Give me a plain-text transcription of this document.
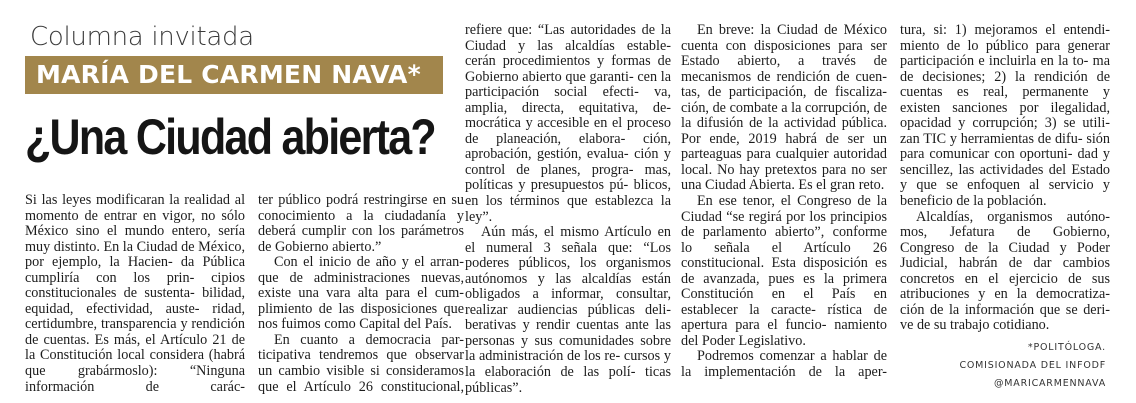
Columna invitada
MARÍA DEL CARMEN NAVA*
¿Una Ciudad abierta?

Si las leyes modificaran la realidad al momento de entrar en vigor, no sólo México sino el mundo entero, sería muy distinto. En la Ciudad de México, por ejemplo, la Hacien- da Pública cumpliría con los prin- cipios constitucionales de sustenta- bilidad, equidad, efectividad, auste- ridad, certidumbre, transparencia y rendición de cuentas. Es más, el Artículo 21 de la Constitución local considera (habrá que grabármoslo): “Ninguna información de carác-

ter público podrá restringirse en su conocimiento a la ciudadanía y deberá cumplir con los parámetros de Gobierno abierto.”

Con el inicio de año y el arran- que de administraciones nuevas, existe una vara alta para el cum- plimiento de las disposiciones que nos fuimos como Capital del País.

En cuanto a democracia par- ticipativa tendremos que observar un cambio visible si consideramos que el Artículo 26 constitucional,

refiere que: “Las autoridades de la Ciudad y las alcaldías estable- cerán procedimientos y formas de Gobierno abierto que garanti- cen la participación social efecti- va, amplia, directa, equitativa, de- mocrática y accesible en el proceso de planeación, elabora- ción, aprobación, gestión, evalua- ción y control de planes, progra- mas, políticas y presupuestos pú- blicos, en los términos que establezca la ley”.

Aún más, el mismo Artículo en el numeral 3 señala que: “Los poderes públicos, los organismos autónomos y las alcaldías están obligados a informar, consultar, realizar audiencias públicas deli- berativas y rendir cuentas ante las personas y sus comunidades sobre la administración de los re- cursos y la elaboración de las polí- ticas públicas”.

En breve: la Ciudad de México cuenta con disposiciones para ser Estado abierto, a través de mecanismos de rendición de cuen- tas, de participación, de fiscaliza- ción, de combate a la corrupción, de la difusión de la actividad pública. Por ende, 2019 habrá de ser un parteaguas para cualquier autoridad local. No hay pretextos para no ser una Ciudad Abierta. Es el gran reto.

En ese tenor, el Congreso de la Ciudad “se regirá por los principios de parlamento abierto”, conforme lo señala el Artículo 26 constitucional. Esta disposición es de avanzada, pues es la primera Constitución en el País en establecer la caracte- rística de apertura para el funcio- namiento del Poder Legislativo.

Podremos comenzar a hablar de la implementación de la aper-

tura, si: 1) mejoramos el entendi- miento de lo público para generar participación e incluirla en la to- ma de decisiones; 2) la rendición de cuentas es real, permanente y existen sanciones por ilegalidad, opacidad y corrupción; 3) se utili- zan TIC y herramientas de difu- sión para comunicar con oportuni- dad y sencillez, las actividades del Estado y que se enfoquen al servicio y beneficio de la población.

Alcaldías, organismos autóno- mos, Jefatura de Gobierno, Congreso de la Ciudad y Poder Judicial, habrán de dar cambios concretos en el ejercicio de sus atribuciones y en la democratiza- ción de la información que se deri- ve de su trabajo cotidiano.

*POLITÓLOGA.
COMISIONADA DEL INFODF
@MARICARMENNAVA
